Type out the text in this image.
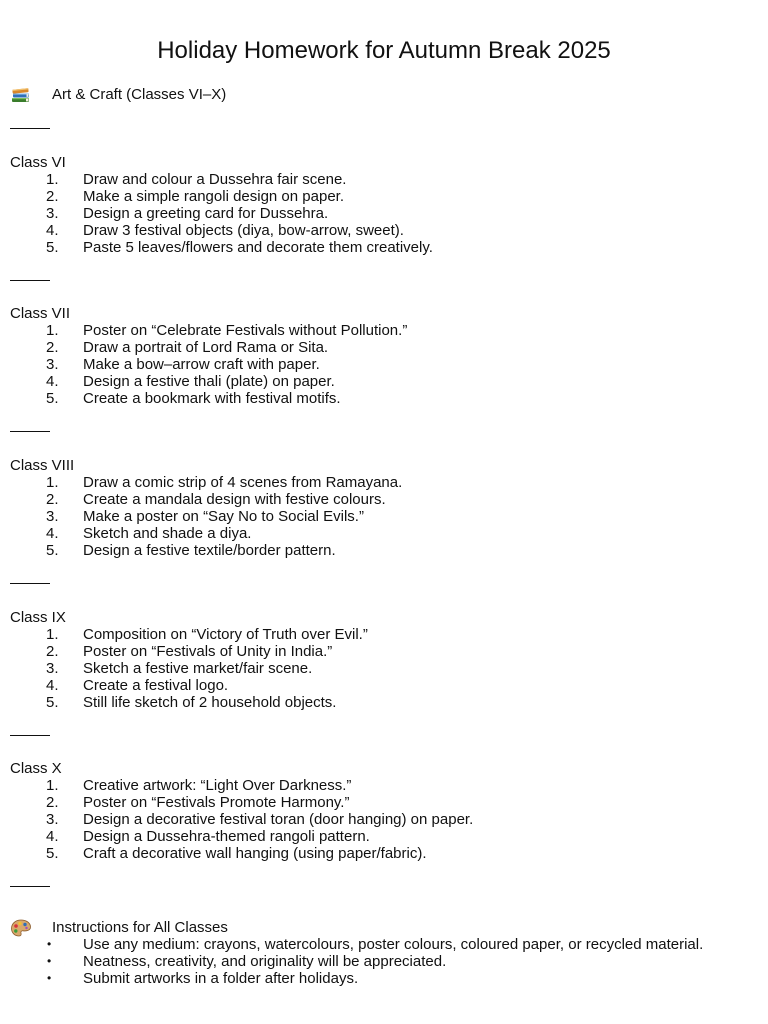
Holiday Homework for Autumn Break 2025
Art & Craft (Classes VI–X)
Class VI
1.	Draw and colour a Dussehra fair scene.
2.	Make a simple rangoli design on paper.
3.	Design a greeting card for Dussehra.
4.	Draw 3 festival objects (diya, bow-arrow, sweet).
5.	Paste 5 leaves/flowers and decorate them creatively.
Class VII
1.	Poster on “Celebrate Festivals without Pollution.”
2.	Draw a portrait of Lord Rama or Sita.
3.	Make a bow–arrow craft with paper.
4.	Design a festive thali (plate) on paper.
5.	Create a bookmark with festival motifs.
Class VIII
1.	Draw a comic strip of 4 scenes from Ramayana.
2.	Create a mandala design with festive colours.
3.	Make a poster on “Say No to Social Evils.”
4.	Sketch and shade a diya.
5.	Design a festive textile/border pattern.
Class IX
1.	Composition on “Victory of Truth over Evil.”
2.	Poster on “Festivals of Unity in India.”
3.	Sketch a festive market/fair scene.
4.	Create a festival logo.
5.	Still life sketch of 2 household objects.
Class X
1.	Creative artwork: “Light Over Darkness.”
2.	Poster on “Festivals Promote Harmony.”
3.	Design a decorative festival toran (door hanging) on paper.
4.	Design a Dussehra-themed rangoli pattern.
5.	Craft a decorative wall hanging (using paper/fabric).
Instructions for All Classes
•	Use any medium: crayons, watercolours, poster colours, coloured paper, or recycled material.
•	Neatness, creativity, and originality will be appreciated.
•	Submit artworks in a folder after holidays.
